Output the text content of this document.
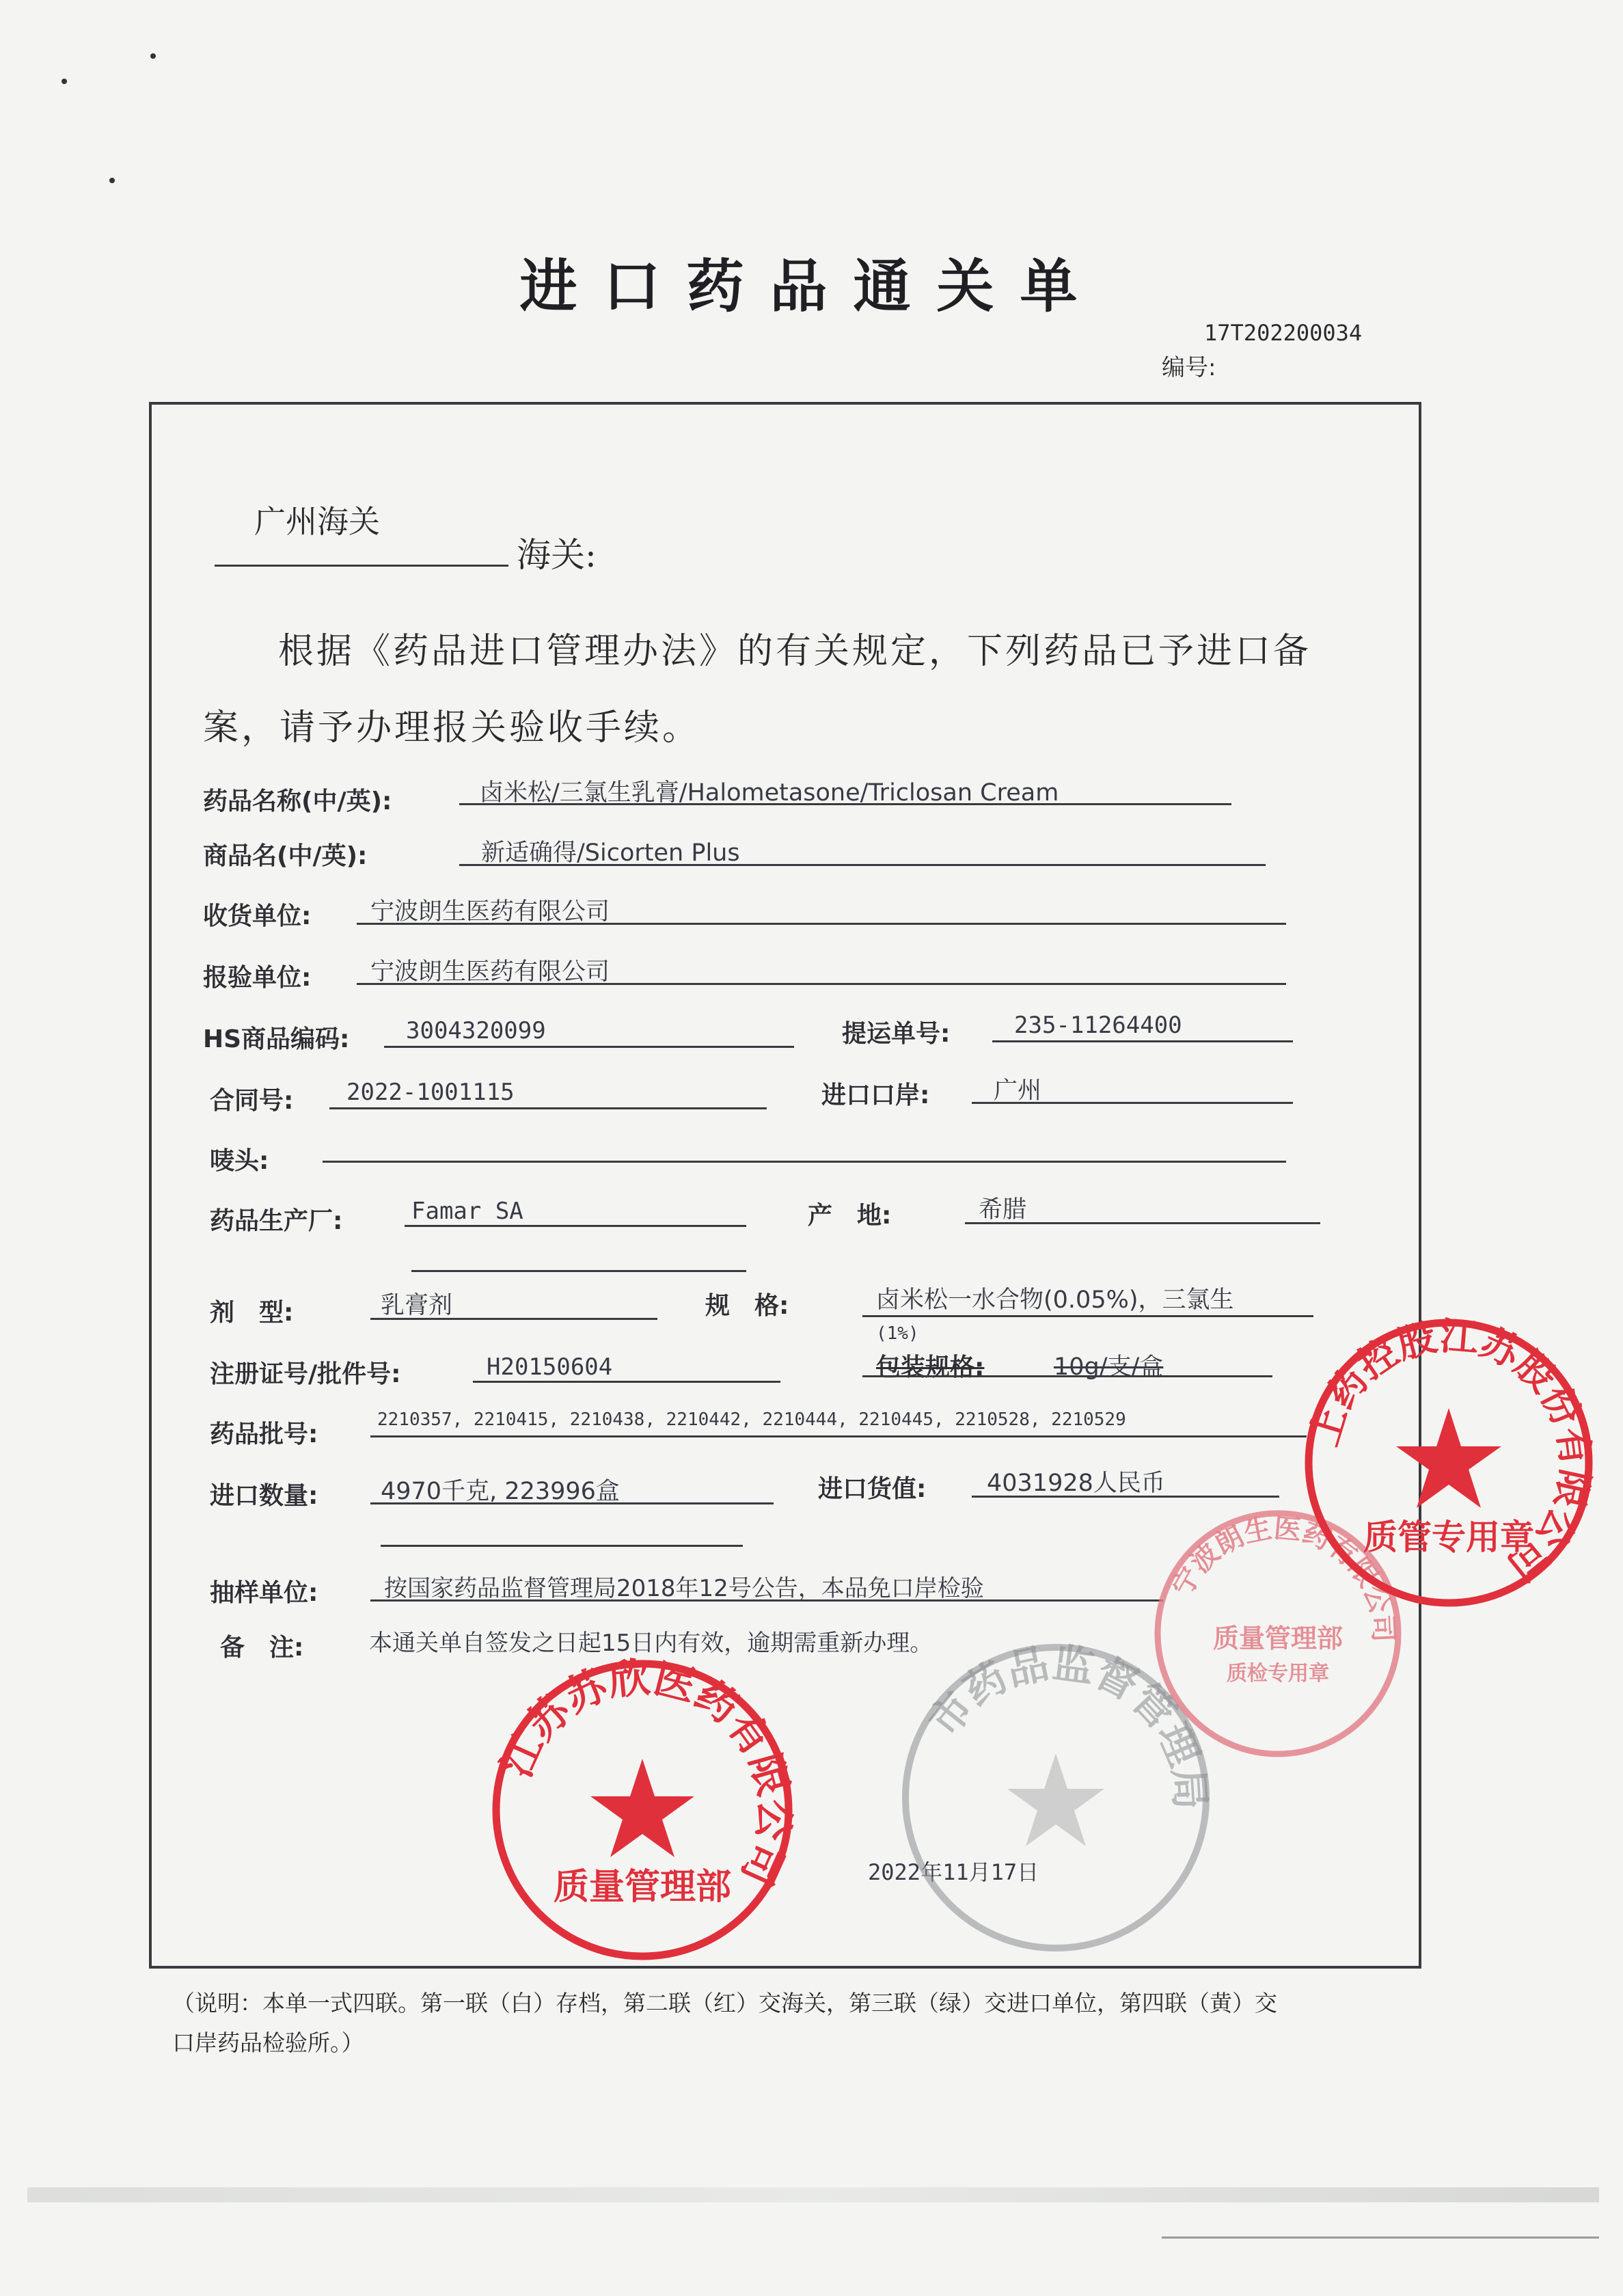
进口药品通关单
17T202200034
编号:
广州海关
海关:
根据《药品进口管理办法》的有关规定，下列药品已予进口备
案，请予办理报关验收手续。
药品名称(中/英):	卤米松/三氯生乳膏/Halometasone/Triclosan Cream
商品名(中/英):	新适确得/Sicorten Plus
收货单位: 宁波朗生医药有限公司
报验单位: 宁波朗生医药有限公司
HS商品编码: 3004320099	提运单号:	235-11264400
合同号: 2022-1001115	进口口岸:	广州
唛头:
药品生产厂:	Famar SA	产　地:	希腊
剂　型:	乳膏剂	规　格:	卤米松一水合物(0.05%)，三氯生
(1%)
注册证号/批件号:	H20150604	包装规格:	10g/支/盒
药品批号:
2210357, 2210415, 2210438, 2210442, 2210444, 2210445, 2210528, 2210529
进口数量:	4970千克, 223996盒	进口货值:	4031928人民币
抽样单位:	按国家药品监督管理局2018年12号公告，本品免口岸检验
备　注:	本通关单自签发之日起15日内有效，逾期需重新办理。
2022年11月17日
市药品监督管理局
宁波朗生医药有限公司
质量管理部
质检专用章
上药控股江苏股份有限公司
质管专用章
江苏苏欣医药有限公司
质量管理部
（说明：本单一式四联。第一联（白）存档，第二联（红）交海关，第三联（绿）交进口单位，第四联（黄）交
口岸药品检验所。）
